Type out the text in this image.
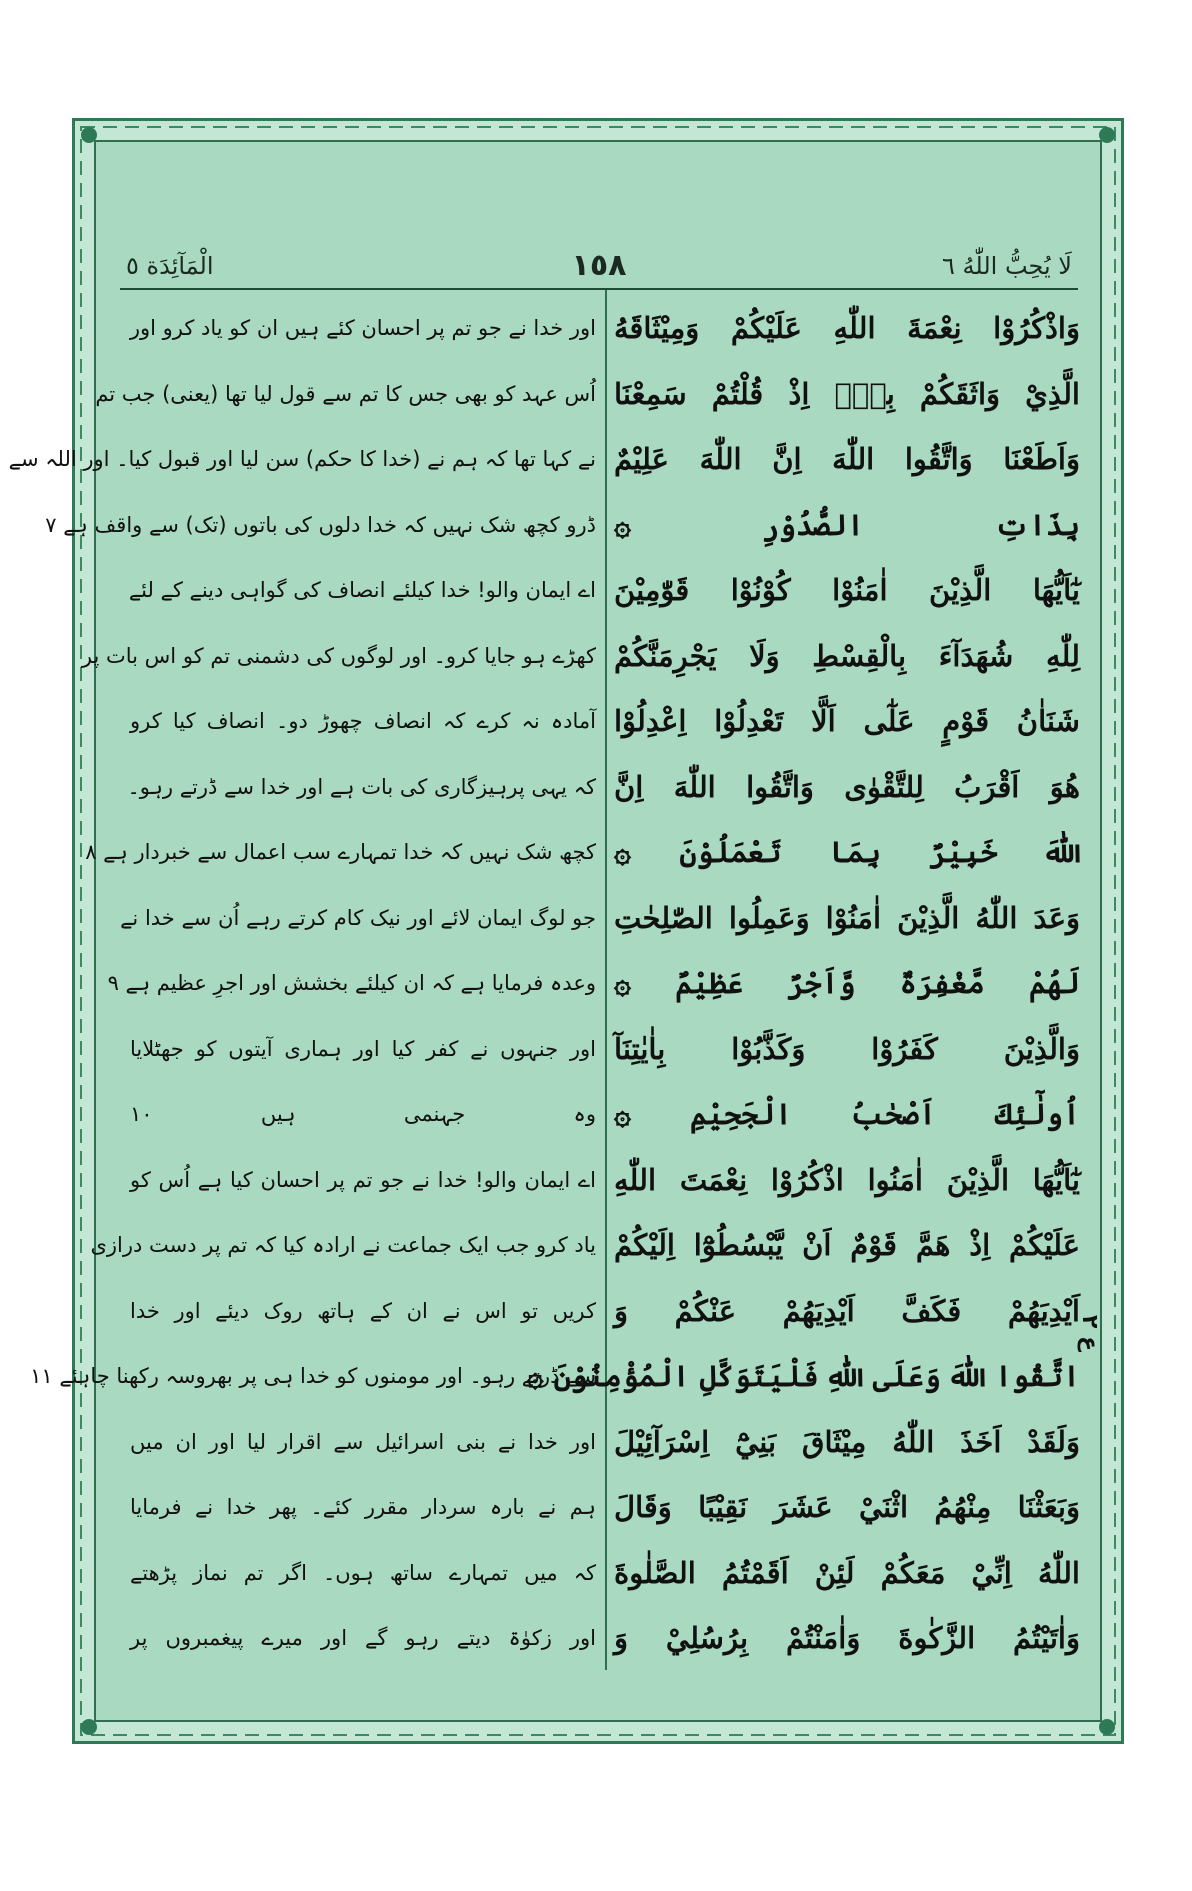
لَا يُحِبُّ اللّٰهُ ٦
١٥٨
الْمَآئِدَة ٥
وَاذْكُرُوْا نِعْمَةَ اللّٰهِ عَلَيْكُمْ وَمِيْثَاقَهُ
الَّذِيْ وَاثَقَكُمْ بِهٖٓ اِذْ قُلْتُمْ سَمِعْنَا
وَاَطَعْنَا وَاتَّقُوا اللّٰهَ اِنَّ اللّٰهَ عَلِيْمٌ
بِذَاتِ الصُّدُوْرِ ۞
يٰٓاَيُّهَا الَّذِيْنَ اٰمَنُوْا كُوْنُوْا قَوّٰمِيْنَ
لِلّٰهِ شُهَدَآءَ بِالْقِسْطِ وَلَا يَجْرِمَنَّكُمْ
شَنَاٰنُ قَوْمٍ عَلٰٓى اَلَّا تَعْدِلُوْا اِعْدِلُوْا
هُوَ اَقْرَبُ لِلتَّقْوٰى وَاتَّقُوا اللّٰهَ اِنَّ
اللّٰهَ خَبِيْرٌ بِمَا تَعْمَلُوْنَ ۞
وَعَدَ اللّٰهُ الَّذِيْنَ اٰمَنُوْا وَعَمِلُوا الصّٰلِحٰتِ
لَهُمْ مَّغْفِرَةٌ وَّاَجْرٌ عَظِيْمٌ ۞
وَالَّذِيْنَ كَفَرُوْا وَكَذَّبُوْا بِاٰيٰتِنَآ
اُولٰٓئِكَ اَصْحٰبُ الْجَحِيْمِ ۞
يٰٓاَيُّهَا الَّذِيْنَ اٰمَنُوا اذْكُرُوْا نِعْمَتَ اللّٰهِ
عَلَيْكُمْ اِذْ هَمَّ قَوْمٌ اَنْ يَّبْسُطُوْٓا اِلَيْكُمْ
اَيْدِيَهُمْ فَكَفَّ اَيْدِيَهُمْ عَنْكُمْ وَ
اتَّقُوا اللّٰهَ وَعَلَى اللّٰهِ فَلْيَتَوَكَّلِ الْمُؤْمِنُوْنَ ۞
وَلَقَدْ اَخَذَ اللّٰهُ مِيْثَاقَ بَنِيْٓ اِسْرَآئِيْلَ
وَبَعَثْنَا مِنْهُمُ اثْنَيْ عَشَرَ نَقِيْبًا وَقَالَ
اللّٰهُ اِنِّيْ مَعَكُمْ لَئِنْ اَقَمْتُمُ الصَّلٰوةَ
وَاٰتَيْتُمُ الزَّكٰوةَ وَاٰمَنْتُمْ بِرُسُلِيْ وَ
اور خدا نے جو تم پر احسان کئے ہیں ان کو یاد کرو اور
اُس عہد کو بھی جس کا تم سے قول لیا تھا (یعنی) جب تم
نے کہا تھا کہ ہم نے (خدا کا حکم) سن لیا اور قبول کیا۔ اور اللہ سے
ڈرو کچھ شک نہیں کہ خدا دلوں کی باتوں (تک) سے واقف ہے ۷
اے ایمان والو! خدا کیلئے انصاف کی گواہی دینے کے لئے
کھڑے ہو جایا کرو۔ اور لوگوں کی دشمنی تم کو اس بات پر
آمادہ نہ کرے کہ انصاف چھوڑ دو۔ انصاف کیا کرو
کہ یہی پرہیزگاری کی بات ہے اور خدا سے ڈرتے رہو۔
کچھ شک نہیں کہ خدا تمہارے سب اعمال سے خبردار ہے ۸
جو لوگ ایمان لائے اور نیک کام کرتے رہے اُن سے خدا نے
وعدہ فرمایا ہے کہ ان کیلئے بخشش اور اجرِ عظیم ہے ۹
اور جنہوں نے کفر کیا اور ہماری آیتوں کو جھٹلایا
وہ جہنمی ہیں ۱۰
اے ایمان والو! خدا نے جو تم پر احسان کیا ہے اُس کو
یاد کرو جب ایک جماعت نے ارادہ کیا کہ تم پر دست درازی
کریں تو اس نے ان کے ہاتھ روک دیئے اور خدا
سے ڈرتے رہو۔ اور مومنوں کو خدا ہی پر بھروسہ رکھنا چاہئے ۱۱
اور خدا نے بنی اسرائیل سے اقرار لیا اور ان میں
ہم نے بارہ سردار مقرر کئے۔ پھر خدا نے فرمایا
کہ میں تمہارے ساتھ ہوں۔ اگر تم نماز پڑھتے
اور زکوٰۃ دیتے رہو گے اور میرے پیغمبروں پر
ع ۲
